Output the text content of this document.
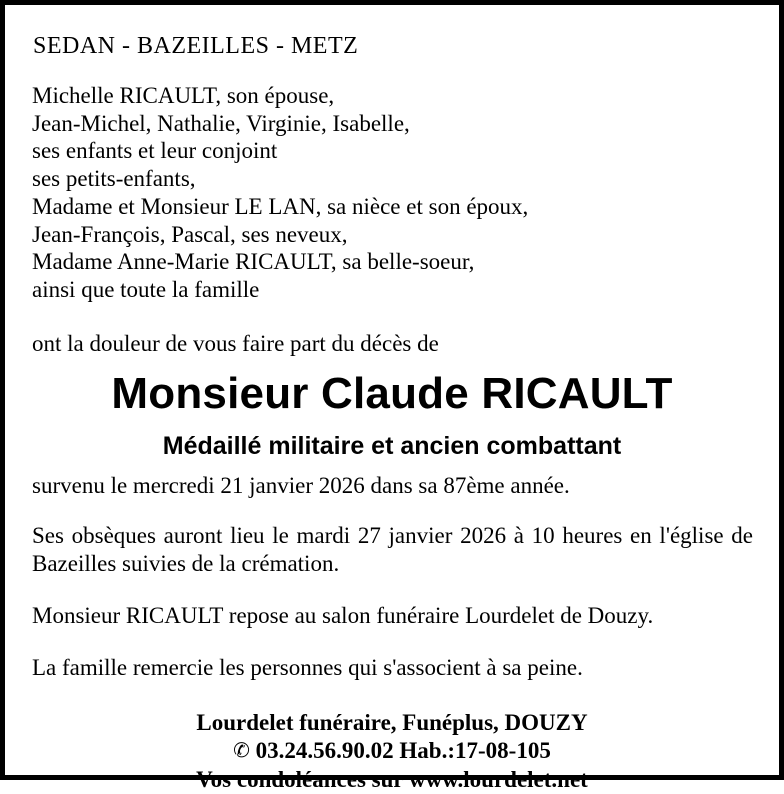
SEDAN - BAZEILLES - METZ
Michelle RICAULT, son épouse,
Jean-Michel, Nathalie, Virginie, Isabelle,
ses enfants et leur conjoint
ses petits-enfants,
Madame et Monsieur LE LAN, sa nièce et son époux,
Jean-François, Pascal, ses neveux,
Madame Anne-Marie RICAULT, sa belle-soeur,
ainsi que toute la famille
ont la douleur de vous faire part du décès de
Monsieur Claude RICAULT
Médaillé militaire et ancien combattant
survenu le mercredi 21 janvier 2026 dans sa 87ème année.
Ses obsèques auront lieu le mardi 27 janvier 2026 à 10 heures en l'église de Bazeilles suivies de la crémation.
Monsieur RICAULT repose au salon funéraire Lourdelet de Douzy.
La famille remercie les personnes qui s'associent à sa peine.
Lourdelet funéraire, Funéplus, DOUZY
✆ 03.24.56.90.02 Hab.:17-08-105
Vos condoléances sur www.lourdelet.net
